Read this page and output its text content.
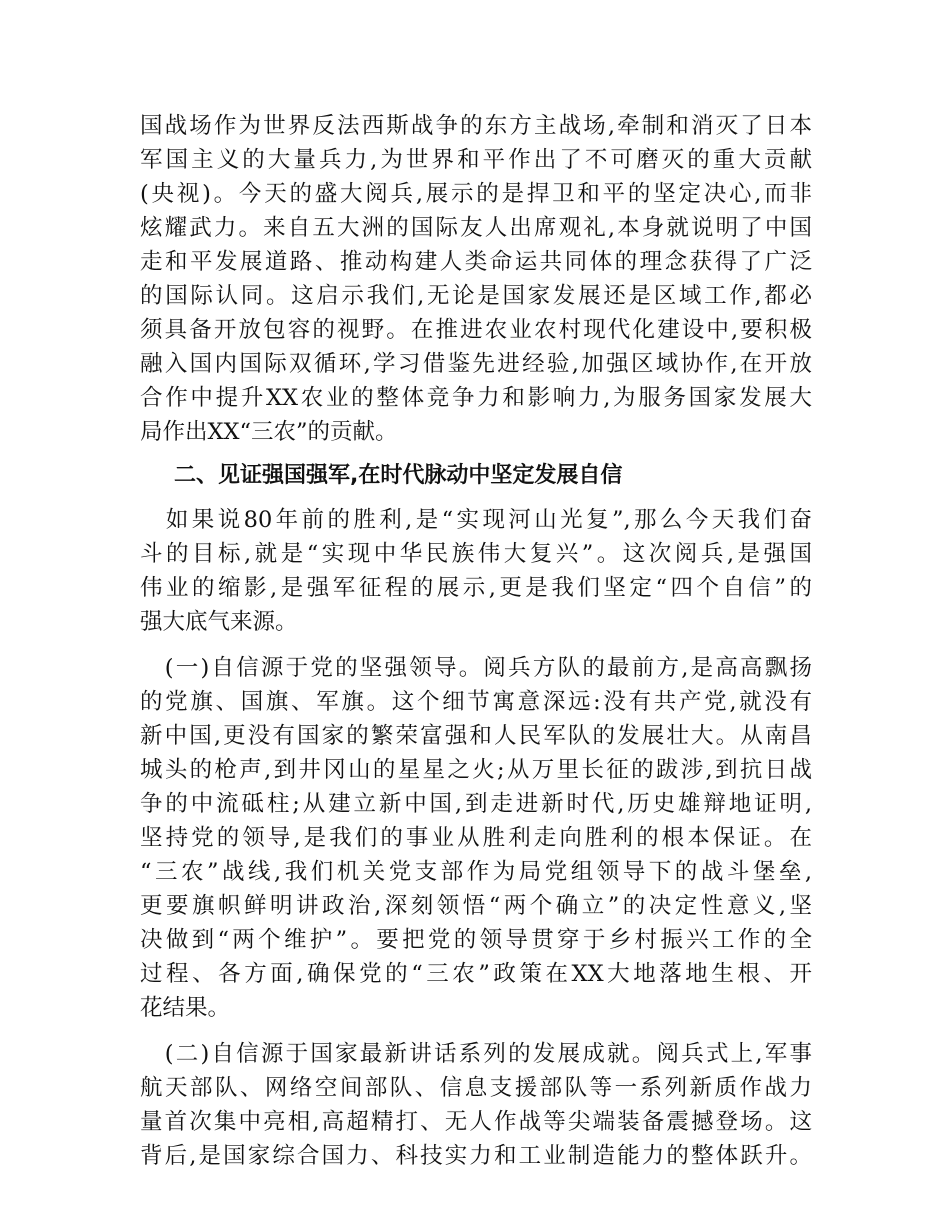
国战场作为世界反法西斯战争的东方主战场,牵制和消灭了日本
军国主义的大量兵力,为世界和平作出了不可磨灭的重大贡献
(央视)。今天的盛大阅兵,展示的是捍卫和平的坚定决心,而非
炫耀武力。来自五大洲的国际友人出席观礼,本身就说明了中国
走和平发展道路、推动构建人类命运共同体的理念获得了广泛
的国际认同。这启示我们,无论是国家发展还是区域工作,都必
须具备开放包容的视野。在推进农业农村现代化建设中,要积极
融入国内国际双循环,学习借鉴先进经验,加强区域协作,在开放
合作中提升XX农业的整体竞争力和影响力,为服务国家发展大
局作出XX“三农”的贡献。
二、见证强国强军,在时代脉动中坚定发展自信
　如果说80年前的胜利,是“实现河山光复”,那么今天我们奋
斗的目标,就是“实现中华民族伟大复兴”。这次阅兵,是强国
伟业的缩影,是强军征程的展示,更是我们坚定“四个自信”的
强大底气来源。
　(一)自信源于党的坚强领导。阅兵方队的最前方,是高高飘扬
的党旗、国旗、军旗。这个细节寓意深远:没有共产党,就没有
新中国,更没有国家的繁荣富强和人民军队的发展壮大。从南昌
城头的枪声,到井冈山的星星之火;从万里长征的跋涉,到抗日战
争的中流砥柱;从建立新中国,到走进新时代,历史雄辩地证明,
坚持党的领导,是我们的事业从胜利走向胜利的根本保证。在
“三农”战线,我们机关党支部作为局党组领导下的战斗堡垒,
更要旗帜鲜明讲政治,深刻领悟“两个确立”的决定性意义,坚
决做到“两个维护”。要把党的领导贯穿于乡村振兴工作的全
过程、各方面,确保党的“三农”政策在XX大地落地生根、开
花结果。
　(二)自信源于国家最新讲话系列的发展成就。阅兵式上,军事
航天部队、网络空间部队、信息支援部队等一系列新质作战力
量首次集中亮相,高超精打、无人作战等尖端装备震撼登场。这
背后,是国家综合国力、科技实力和工业制造能力的整体跃升。
